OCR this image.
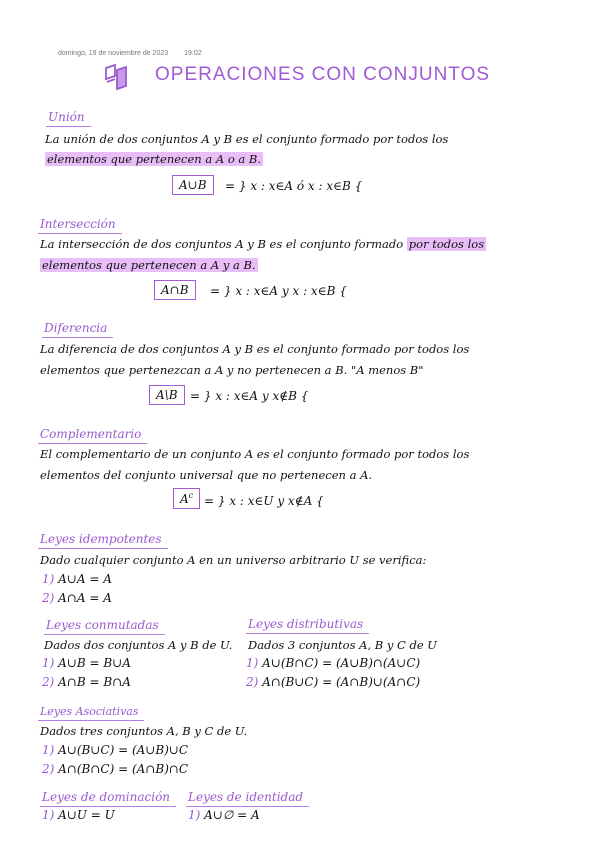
domingo, 19 de noviembre de 2023 19:02
OPERACIONES CON CONJUNTOS
Unión
La unión de dos conjuntos A y B es el conjunto formado por todos los
elementos que pertenecen a A o a B.
A∪B	= } x : x∈A ó x : x∈B {
Intersección
La intersección de dos conjuntos A y B es el conjunto formado por todos los
elementos que pertenecen a A y a B.
A∩B	= } x : x∈A y x : x∈B {
Diferencia
La diferencia de dos conjuntos A y B es el conjunto formado por todos los
elementos que pertenezcan a A y no pertenecen a B. "A menos B"
A\B	= } x : x∈A y x∉B {
Complementario
El complementario de un conjunto A es el conjunto formado por todos los
elementos del conjunto universal que no pertenecen a A.
$A^c$ = } x : x∈U y x∉A {
Leyes idempotentes
Dado cualquier conjunto A en un universo arbitrario U se verifica:
1) A∪A = A
2) A∩A = A
Leyes conmutadas
Dados dos conjuntos A y B de U.
1) A∪B = B∪A
2) A∩B = B∩A
Leyes distributivas
Dados 3 conjuntos A, B y C de U
1) A∪(B∩C) = (A∪B)∩(A∪C)
2) A∩(B∪C) = (A∩B)∪(A∩C)
Leyes Asociativas
Dados tres conjuntos A, B y C de U.
1) A∪(B∪C) = (A∪B)∪C
2) A∩(B∩C) = (A∩B)∩C
Leyes de dominación
1) A∪U = U
Leyes de identidad
1) A∪∅ = A
